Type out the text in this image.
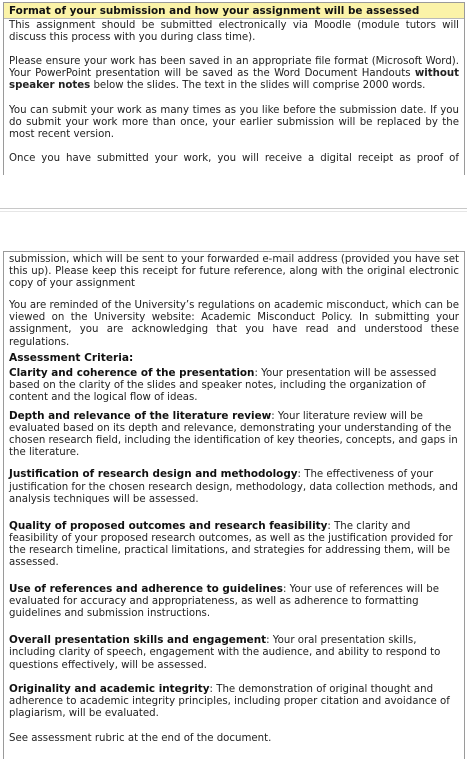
Format of your submission and how your assignment will be assessed

This assignment should be submitted electronically via Moodle (module tutors will discuss this process with you during class time).

Please ensure your work has been saved in an appropriate file format (Microsoft Word). Your PowerPoint presentation will be saved as the Word Document Handouts without speaker notes below the slides. The text in the slides will comprise 2000 words.

You can submit your work as many times as you like before the submission date. If you do submit your work more than once, your earlier submission will be replaced by the most recent version.

Once you have submitted your work, you will receive a digital receipt as proof of

submission, which will be sent to your forwarded e-mail address (provided you have set this up). Please keep this receipt for future reference, along with the original electronic copy of your assignment

You are reminded of the University’s regulations on academic misconduct, which can be viewed on the University website: Academic Misconduct Policy. In submitting your assignment, you are acknowledging that you have read and understood these regulations.

Assessment Criteria:
Clarity and coherence of the presentation: Your presentation will be assessed based on the clarity of the slides and speaker notes, including the organization of content and the logical flow of ideas.
Depth and relevance of the literature review: Your literature review will be evaluated based on its depth and relevance, demonstrating your understanding of the chosen research field, including the identification of key theories, concepts, and gaps in the literature.
Justification of research design and methodology: The effectiveness of your justification for the chosen research design, methodology, data collection methods, and analysis techniques will be assessed.
Quality of proposed outcomes and research feasibility: The clarity and feasibility of your proposed research outcomes, as well as the justification provided for the research timeline, practical limitations, and strategies for addressing them, will be assessed.
Use of references and adherence to guidelines: Your use of references will be evaluated for accuracy and appropriateness, as well as adherence to formatting guidelines and submission instructions.
Overall presentation skills and engagement: Your oral presentation skills, including clarity of speech, engagement with the audience, and ability to respond to questions effectively, will be assessed.
Originality and academic integrity: The demonstration of original thought and adherence to academic integrity principles, including proper citation and avoidance of plagiarism, will be evaluated.

See assessment rubric at the end of the document.
